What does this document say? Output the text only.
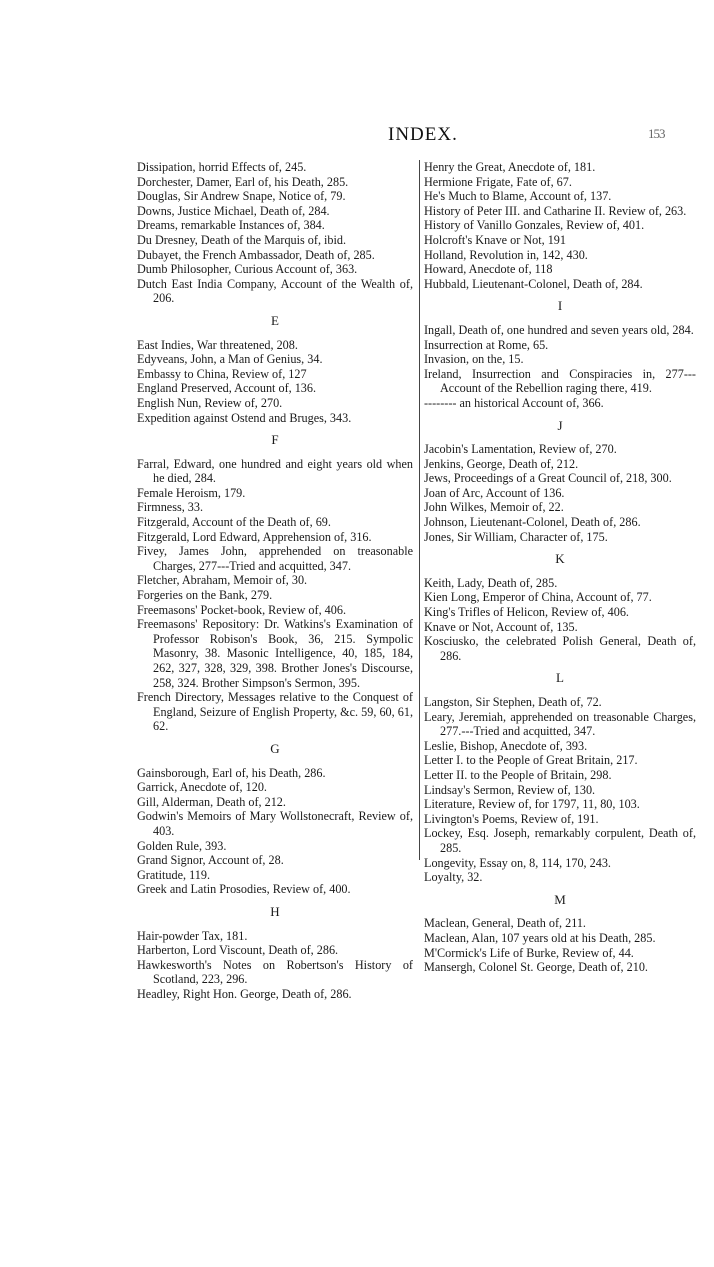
INDEX.	153
Dissipation, horrid Effects of, 245.
Dorchester, Damer, Earl of, his Death, 285.
Douglas, Sir Andrew Snape, Notice of, 79.
Downs, Justice Michael, Death of, 284.
Dreams, remarkable Instances of, 384.
Du Dresney, Death of the Marquis of, ibid.
Dubayet, the French Ambassador, Death of, 285.
Dumb Philosopher, Curious Account of, 363.
Dutch East India Company, Account of the Wealth of, 206.
E
East Indies, War threatened, 208.
Edyveans, John, a Man of Genius, 34.
Embassy to China, Review of, 127
England Preserved, Account of, 136.
English Nun, Review of, 270.
Expedition against Ostend and Bruges, 343.
F
Farral, Edward, one hundred and eight years old when he died, 284.
Female Heroism, 179.
Firmness, 33.
Fitzgerald, Account of the Death of, 69.
Fitzgerald, Lord Edward, Apprehension of, 316.
Fivey, James John, apprehended on treasonable Charges, 277---Tried and acquitted, 347.
Fletcher, Abraham, Memoir of, 30.
Forgeries on the Bank, 279.
Freemasons' Pocket-book, Review of, 406.
Freemasons' Repository: Dr. Watkins's Examination of Professor Robison's Book, 36, 215. Sympolic Masonry, 38. Masonic Intelligence, 40, 185, 184, 262, 327, 328, 329, 398. Brother Jones's Discourse, 258, 324. Brother Simpson's Sermon, 395.
French Directory, Messages relative to the Conquest of England, Seizure of English Property, &c. 59, 60, 61, 62.
G
Gainsborough, Earl of, his Death, 286.
Garrick, Anecdote of, 120.
Gill, Alderman, Death of, 212.
Godwin's Memoirs of Mary Wollstonecraft, Review of, 403.
Golden Rule, 393.
Grand Signor, Account of, 28.
Gratitude, 119.
Greek and Latin Prosodies, Review of, 400.
H
Hair-powder Tax, 181.
Harberton, Lord Viscount, Death of, 286.
Hawkesworth's Notes on Robertson's History of Scotland, 223, 296.
Headley, Right Hon. George, Death of, 286.
Henry the Great, Anecdote of, 181.
Hermione Frigate, Fate of, 67.
He's Much to Blame, Account of, 137.
History of Peter III. and Catharine II. Review of, 263.
History of Vanillo Gonzales, Review of, 401.
Holcroft's Knave or Not, 191
Holland, Revolution in, 142, 430.
Howard, Anecdote of, 118
Hubbald, Lieutenant-Colonel, Death of, 284.
I
Ingall, Death of, one hundred and seven years old, 284.
Insurrection at Rome, 65.
Invasion, on the, 15.
Ireland, Insurrection and Conspiracies in, 277---Account of the Rebellion raging there, 419.
-------- an historical Account of, 366.
J
Jacobin's Lamentation, Review of, 270.
Jenkins, George, Death of, 212.
Jews, Proceedings of a Great Council of, 218, 300.
Joan of Arc, Account of 136.
John Wilkes, Memoir of, 22.
Johnson, Lieutenant-Colonel, Death of, 286.
Jones, Sir William, Character of, 175.
K
Keith, Lady, Death of, 285.
Kien Long, Emperor of China, Account of, 77.
King's Trifles of Helicon, Review of, 406.
Knave or Not, Account of, 135.
Kosciusko, the celebrated Polish General, Death of, 286.
L
Langston, Sir Stephen, Death of, 72.
Leary, Jeremiah, apprehended on treasonable Charges, 277.---Tried and acquitted, 347.
Leslie, Bishop, Anecdote of, 393.
Letter I. to the People of Great Britain, 217.
Letter II. to the People of Britain, 298.
Lindsay's Sermon, Review of, 130.
Literature, Review of, for 1797, 11, 80, 103.
Livington's Poems, Review of, 191.
Lockey, Esq. Joseph, remarkably corpulent, Death of, 285.
Longevity, Essay on, 8, 114, 170, 243.
Loyalty, 32.
M
Maclean, General, Death of, 211.
Maclean, Alan, 107 years old at his Death, 285.
M'Cormick's Life of Burke, Review of, 44.
Mansergh, Colonel St. George, Death of, 210.
